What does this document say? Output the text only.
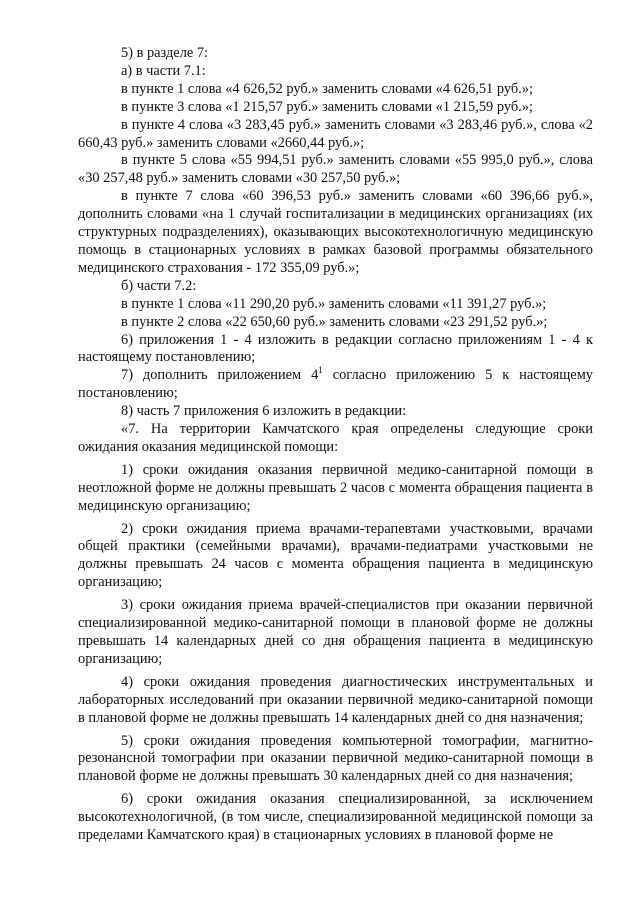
5) в разделе 7:

а) в части 7.1:

в пункте 1 слова «4 626,52 руб.» заменить словами «4 626,51 руб.»;

в пункте 3 слова «1 215,57 руб.» заменить словами «1 215,59 руб.»;

в пункте 4 слова «3 283,45 руб.» заменить словами «3 283,46 руб.», слова «2 660,43 руб.» заменить словами «2660,44 руб.»;

в пункте 5 слова «55 994,51 руб.» заменить словами «55 995,0 руб.», слова «30 257,48 руб.» заменить словами «30 257,50 руб.»;

в пункте 7 слова «60 396,53 руб.» заменить словами «60 396,66 руб.», дополнить словами «на 1 случай госпитализации в медицинских организациях (их структурных подразделениях), оказывающих высокотехнологичную медицинскую помощь в стационарных условиях в рамках базовой программы обязательного медицинского страхования - 172 355,09 руб.»;

б) части 7.2:

в пункте 1 слова «11 290,20 руб.» заменить словами «11 391,27 руб.»;

в пункте 2 слова «22 650,60 руб.» заменить словами «23 291,52 руб.»;

6) приложения 1 - 4 изложить в редакции согласно приложениям 1 - 4 к настоящему постановлению;

7) дополнить приложением $4^1$ согласно приложению 5 к настоящему постановлению;

8) часть 7 приложения 6 изложить в редакции:

«7. На территории Камчатского края определены следующие сроки ожидания оказания медицинской помощи:

1) сроки ожидания оказания первичной медико-санитарной помощи в неотложной форме не должны превышать 2 часов с момента обращения пациента в медицинскую организацию;

2) сроки ожидания приема врачами-терапевтами участковыми, врачами общей практики (семейными врачами), врачами-педиатрами участковыми не должны превышать 24 часов с момента обращения пациента в медицинскую организацию;

3) сроки ожидания приема врачей-специалистов при оказании первичной специализированной медико-санитарной помощи в плановой форме не должны превышать 14 календарных дней со дня обращения пациента в медицинскую организацию;

4) сроки ожидания проведения диагностических инструментальных и лабораторных исследований при оказании первичной медико-санитарной помощи в плановой форме не должны превышать 14 календарных дней со дня назначения;

5) сроки ожидания проведения компьютерной томографии, магнитно-резонансной томографии при оказании первичной медико-санитарной помощи в плановой форме не должны превышать 30 календарных дней со дня назначения;

6) сроки ожидания оказания специализированной, за исключением высокотехнологичной, (в том числе, специализированной медицинской помощи за пределами Камчатского края) в стационарных условиях в плановой форме не
